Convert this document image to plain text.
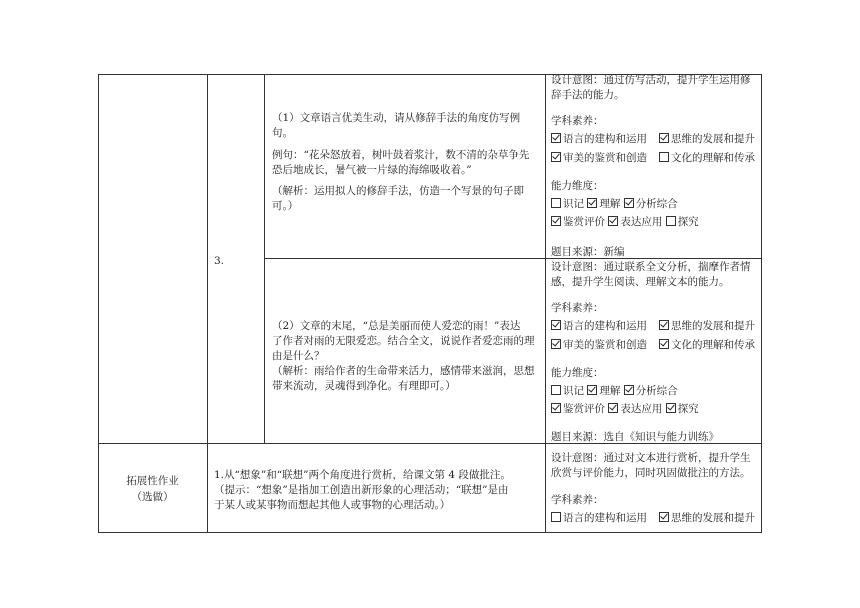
3.
（1）文章语言优美生动，请从修辞手法的角度仿写例
句。
例句：“花朵怒放着，树叶鼓着浆汁，数不清的杂草争先
恐后地成长，暑气被一片绿的海绵吸收着。”
（解析：运用拟人的修辞手法，仿造一个写景的句子即
可。）
设计意图：通过仿写活动，提升学生运用修
辞手法的能力。
学科素养：
语言的建构和运用 思维的发展和提升
审美的鉴赏和创造 文化的理解和传承
能力维度：
识记 理解 分析综合
鉴赏评价 表达应用 探究
题目来源：新编
（2）文章的末尾，“总是美丽而使人爱恋的雨！”表达
了作者对雨的无限爱恋。结合全文，说说作者爱恋雨的理
由是什么？
（解析：雨给作者的生命带来活力，感情带来滋润，思想
带来流动，灵魂得到净化。有理即可。）
设计意图：通过联系全文分析，揣摩作者情
感，提升学生阅读、理解文本的能力。
学科素养：
语言的建构和运用 思维的发展和提升
审美的鉴赏和创造 文化的理解和传承
能力维度：
识记 理解 分析综合
鉴赏评价 表达应用 探究
题目来源：选自《知识与能力训练》
拓展性作业
（选做）
1.从“想象”和“联想”两个角度进行赏析，给课文第 4 段做批注。
（提示：“想象”是指加工创造出新形象的心理活动；“联想”是由
于某人或某事物而想起其他人或事物的心理活动。）
设计意图：通过对文本进行赏析，提升学生
欣赏与评价能力，同时巩固做批注的方法。
学科素养：
语言的建构和运用 思维的发展和提升
